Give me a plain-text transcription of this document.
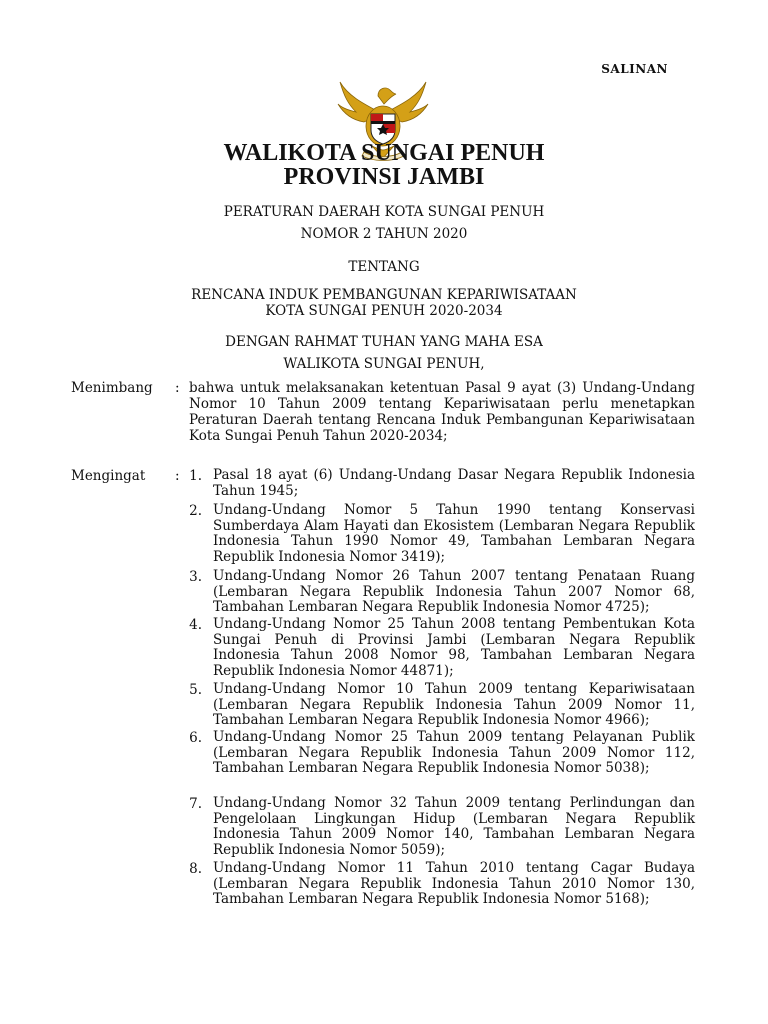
SALINAN
WALIKOTA SUNGAI PENUH
PROVINSI JAMBI
PERATURAN DAERAH KOTA SUNGAI PENUH
NOMOR 2 TAHUN 2020
TENTANG
RENCANA INDUK PEMBANGUNAN KEPARIWISATAAN
KOTA SUNGAI PENUH 2020-2034
DENGAN RAHMAT TUHAN YANG MAHA ESA
WALIKOTA SUNGAI PENUH,
Menimbang : bahwa untuk melaksanakan ketentuan Pasal 9 ayat (3) Undang-Undang Nomor 10 Tahun 2009 tentang Kepariwisataan perlu menetapkan Peraturan Daerah tentang Rencana Induk Pembangunan Kepariwisataan Kota Sungai Penuh Tahun 2020-2034;
Mengingat : 1. Pasal 18 ayat (6) Undang-Undang Dasar Negara Republik Indonesia Tahun 1945;
2. Undang-Undang Nomor 5 Tahun 1990 tentang Konservasi Sumberdaya Alam Hayati dan Ekosistem (Lembaran Negara Republik Indonesia Tahun 1990 Nomor 49, Tambahan Lembaran Negara Republik Indonesia Nomor 3419);
3. Undang-Undang Nomor 26 Tahun 2007 tentang Penataan Ruang (Lembaran Negara Republik Indonesia Tahun 2007 Nomor 68, Tambahan Lembaran Negara Republik Indonesia Nomor 4725);
4. Undang-Undang Nomor 25 Tahun 2008 tentang Pembentukan Kota Sungai Penuh di Provinsi Jambi (Lembaran Negara Republik Indonesia Tahun 2008 Nomor 98, Tambahan Lembaran Negara Republik Indonesia Nomor 44871);
5. Undang-Undang Nomor 10 Tahun 2009 tentang Kepariwisataan (Lembaran Negara Republik Indonesia Tahun 2009 Nomor 11, Tambahan Lembaran Negara Republik Indonesia Nomor 4966);
6. Undang-Undang Nomor 25 Tahun 2009 tentang Pelayanan Publik (Lembaran Negara Republik Indonesia Tahun 2009 Nomor 112, Tambahan Lembaran Negara Republik Indonesia Nomor 5038);
7. Undang-Undang Nomor 32 Tahun 2009 tentang Perlindungan dan Pengelolaan Lingkungan Hidup (Lembaran Negara Republik Indonesia Tahun 2009 Nomor 140, Tambahan Lembaran Negara Republik Indonesia Nomor 5059);
8. Undang-Undang Nomor 11 Tahun 2010 tentang Cagar Budaya (Lembaran Negara Republik Indonesia Tahun 2010 Nomor 130, Tambahan Lembaran Negara Republik Indonesia Nomor 5168);
